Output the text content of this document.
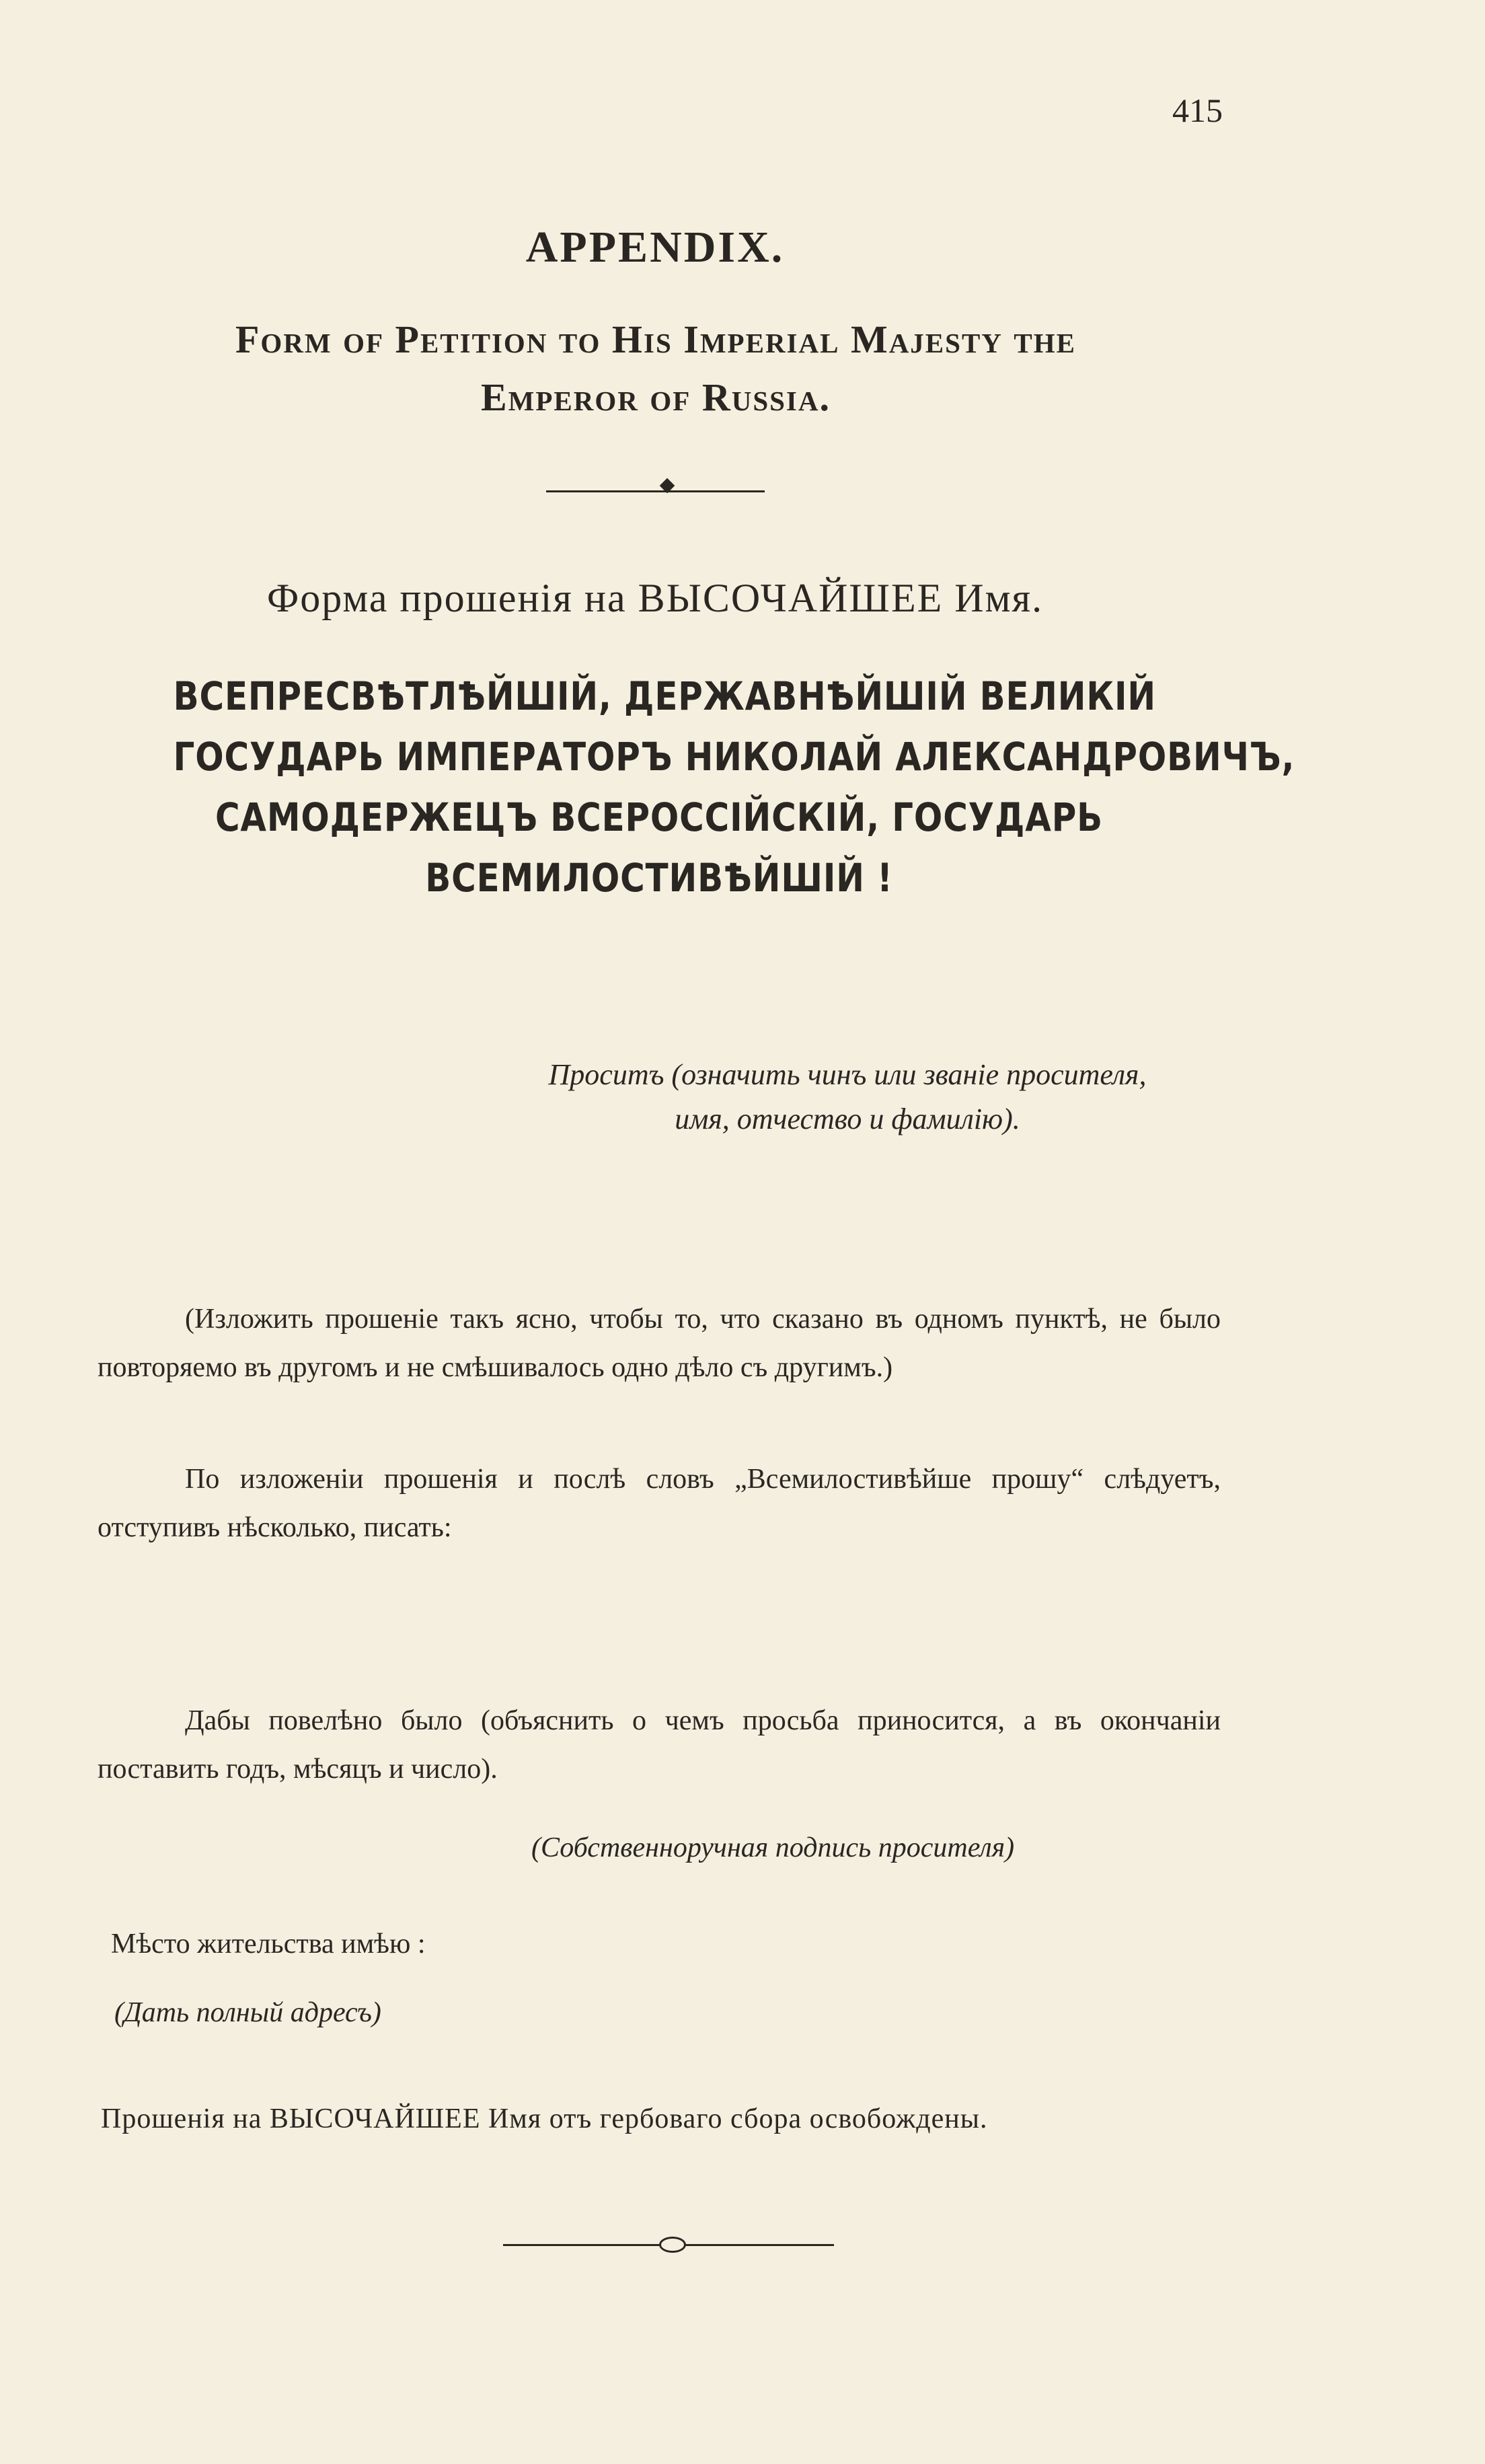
415
APPENDIX.
Form of Petition to His Imperial Majesty the
Emperor of Russia.
Форма прошенія на ВЫСОЧАЙШЕЕ Имя.
ВСЕПРЕСВѢТЛѢЙШІЙ, ДЕРЖАВНѢЙШІЙ ВЕЛИКІЙ
ГОСУДАРЬ ИМПЕРАТОРЪ НИКОЛАЙ АЛЕКСАНДРОВИЧЪ,
САМОДЕРЖЕЦЪ ВСЕРОССІЙСКІЙ, ГОСУДАРЬ
ВСЕМИЛОСТИВѢЙШІЙ !
Проситъ (означить чинъ или званіе просителя,
имя, отчество и фамилію).

(Изложить прошеніе такъ ясно, чтобы то, что сказано въ одномъ пунктѣ, не было повторяемо въ другомъ и не смѣшивалось одно дѣло съ другимъ.)

По изложеніи прошенія и послѣ словъ „Всемилостивѣйше прошу“ слѣдуетъ, отступивъ нѣсколько, писать:

Дабы повелѣно было (объяснить о чемъ просьба приносится, а въ окончаніи поставить годъ, мѣсяцъ и число).

(Собственноручная подпись просителя)
Мѣсто жительства имѣю :
(Дать полный адресъ)
Прошенія на ВЫСОЧАЙШЕЕ Имя отъ гербоваго сбора освобождены.
